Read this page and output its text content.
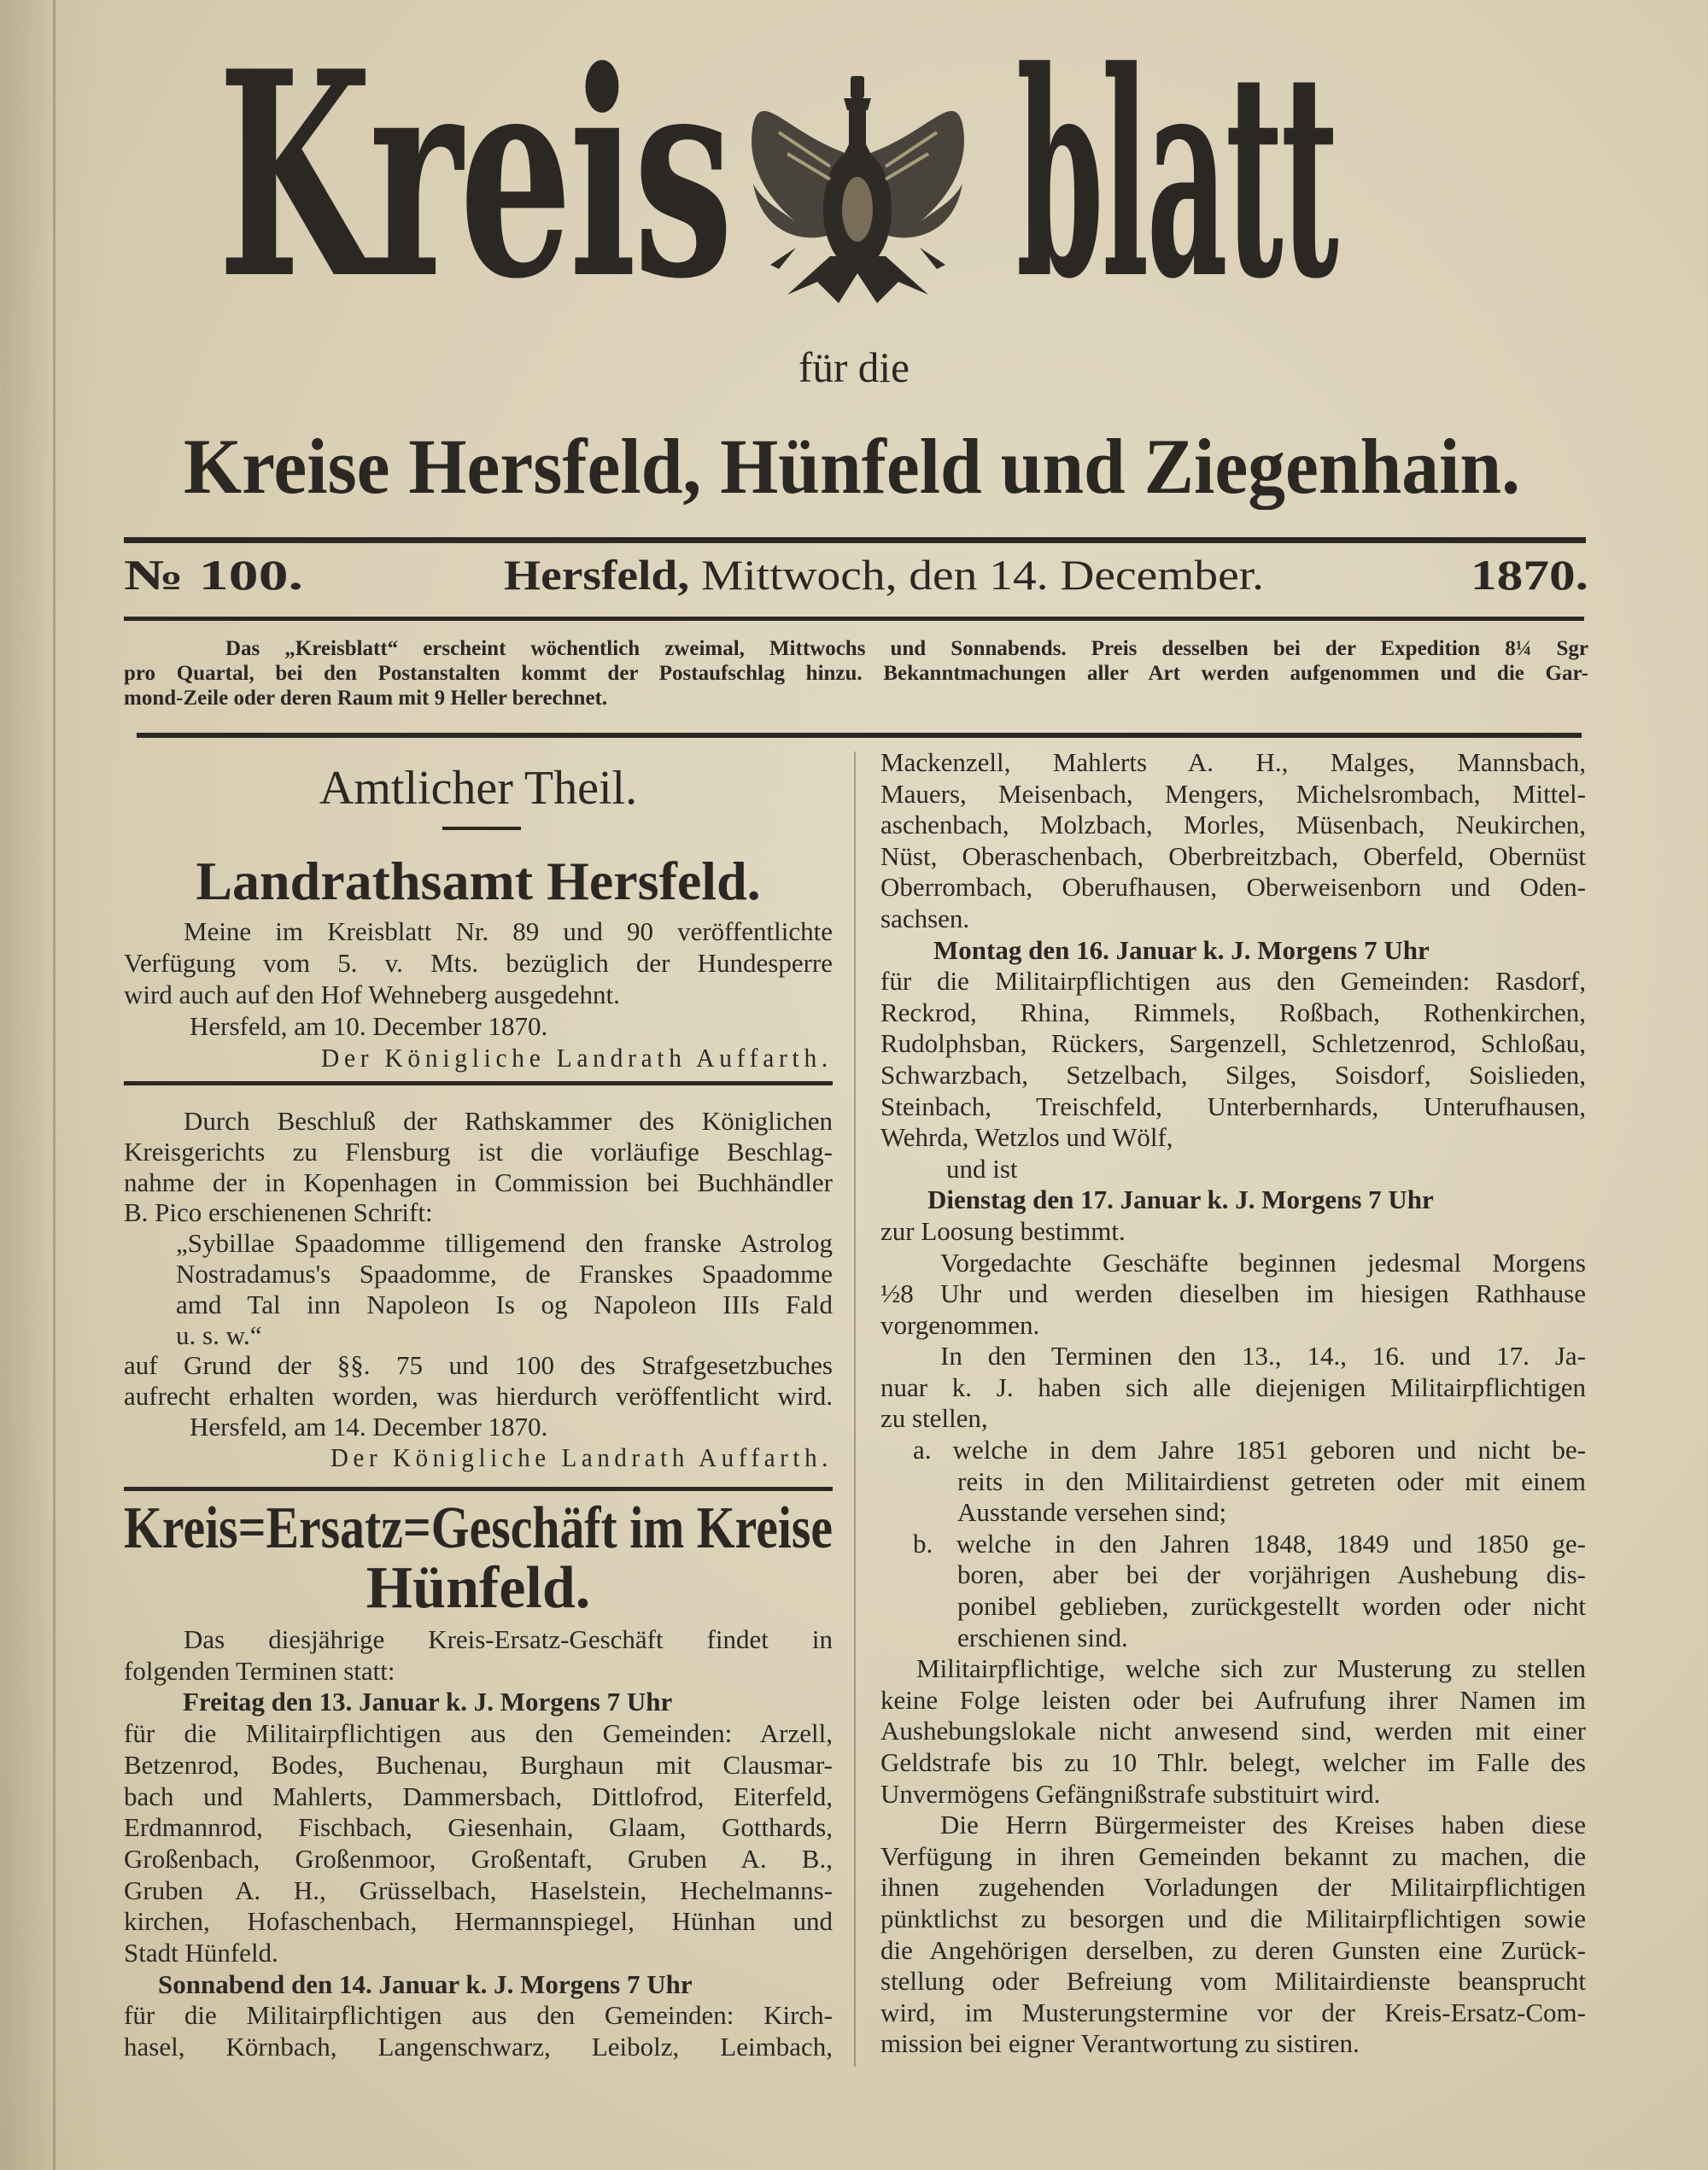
Kreis blatt
für die
Kreise Hersfeld, Hünfeld und Ziegenhain.
№ 100.	Hersfeld, Mittwoch, den 14. December.	1870.
Das „Kreisblatt“ erscheint wöchentlich zweimal, Mittwochs und Sonnabends. Preis desselben bei der Expedition 8¼ Sgr
pro Quartal, bei den Postanstalten kommt der Postaufschlag hinzu. Bekanntmachungen aller Art werden aufgenommen und die Gar-
mond-Zeile oder deren Raum mit 9 Heller berechnet.
Amtlicher Theil.
Landrathsamt Hersfeld.
Meine im Kreisblatt Nr. 89 und 90 veröffentlichte
Verfügung vom 5. v. Mts. bezüglich der Hundesperre
wird auch auf den Hof Wehneberg ausgedehnt.
Hersfeld, am 10. December 1870.
Der Königliche Landrath Auffarth.
Durch Beschluß der Rathskammer des Königlichen
Kreisgerichts zu Flensburg ist die vorläufige Beschlag-
nahme der in Kopenhagen in Commission bei Buchhändler
B. Pico erschienenen Schrift:
„Sybillae Spaadomme tilligemend den franske Astrolog
Nostradamus's Spaadomme, de Franskes Spaadomme
amd Tal inn Napoleon Is og Napoleon IIIs Fald
u. s. w.“
auf Grund der §§. 75 und 100 des Strafgesetzbuches
aufrecht erhalten worden, was hierdurch veröffentlicht wird.
Hersfeld, am 14. December 1870.
Der Königliche Landrath Auffarth.
Kreis=Ersatz=Geschäft im Kreise
Hünfeld.
Das diesjährige Kreis-Ersatz-Geschäft findet in
folgenden Terminen statt:
Freitag den 13. Januar k. J. Morgens 7 Uhr
für die Militairpflichtigen aus den Gemeinden: Arzell,
Betzenrod, Bodes, Buchenau, Burghaun mit Clausmar-
bach und Mahlerts, Dammersbach, Dittlofrod, Eiterfeld,
Erdmannrod, Fischbach, Giesenhain, Glaam, Gotthards,
Großenbach, Großenmoor, Großentaft, Gruben A. B.,
Gruben A. H., Grüsselbach, Haselstein, Hechelmanns-
kirchen, Hofaschenbach, Hermannspiegel, Hünhan und
Stadt Hünfeld.
Sonnabend den 14. Januar k. J. Morgens 7 Uhr
für die Militairpflichtigen aus den Gemeinden: Kirch-
hasel, Körnbach, Langenschwarz, Leibolz, Leimbach,
Mackenzell, Mahlerts A. H., Malges, Mannsbach,
Mauers, Meisenbach, Mengers, Michelsrombach, Mittel-
aschenbach, Molzbach, Morles, Müsenbach, Neukirchen,
Nüst, Oberaschenbach, Oberbreitzbach, Oberfeld, Obernüst
Oberrombach, Oberufhausen, Oberweisenborn und Oden-
sachsen.
Montag den 16. Januar k. J. Morgens 7 Uhr
für die Militairpflichtigen aus den Gemeinden: Rasdorf,
Reckrod, Rhina, Rimmels, Roßbach, Rothenkirchen,
Rudolphsban, Rückers, Sargenzell, Schletzenrod, Schloßau,
Schwarzbach, Setzelbach, Silges, Soisdorf, Soislieden,
Steinbach, Treischfeld, Unterbernhards, Unterufhausen,
Wehrda, Wetzlos und Wölf,
und ist
Dienstag den 17. Januar k. J. Morgens 7 Uhr
zur Loosung bestimmt.
Vorgedachte Geschäfte beginnen jedesmal Morgens
½8 Uhr und werden dieselben im hiesigen Rathhause
vorgenommen.
In den Terminen den 13., 14., 16. und 17. Ja-
nuar k. J. haben sich alle diejenigen Militairpflichtigen
zu stellen,
a. welche in dem Jahre 1851 geboren und nicht be-
reits in den Militairdienst getreten oder mit einem
Ausstande versehen sind;
b. welche in den Jahren 1848, 1849 und 1850 ge-
boren, aber bei der vorjährigen Aushebung dis-
ponibel geblieben, zurückgestellt worden oder nicht
erschienen sind.
Militairpflichtige, welche sich zur Musterung zu stellen
keine Folge leisten oder bei Aufrufung ihrer Namen im
Aushebungslokale nicht anwesend sind, werden mit einer
Geldstrafe bis zu 10 Thlr. belegt, welcher im Falle des
Unvermögens Gefängnißstrafe substituirt wird.
Die Herrn Bürgermeister des Kreises haben diese
Verfügung in ihren Gemeinden bekannt zu machen, die
ihnen zugehenden Vorladungen der Militairpflichtigen
pünktlichst zu besorgen und die Militairpflichtigen sowie
die Angehörigen derselben, zu deren Gunsten eine Zurück-
stellung oder Befreiung vom Militairdienste beansprucht
wird, im Musterungstermine vor der Kreis-Ersatz-Com-
mission bei eigner Verantwortung zu sistiren.
